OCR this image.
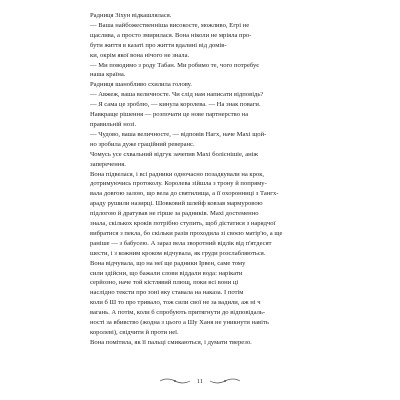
Радниця Зіхун відкашлялася.
— Ваша найбожественніша високосте, можливо, Егрі не
щаслива, а просто змирилася. Вона ніколи не мріяла про-
бути життя в казаті про життя вдалині від домів-
ки, окрім якої вона нічого не знала.
— Ми поводимо з роду Табан. Ми робимо те, чого потребує
наша країна.
Радниця шанобливо схилила голову.
— Авжеж, ваша величносте. Чи слід нам написати відповідь?
— Я сама це зроблю, — кинула королева. — На знак поваги.
Навкраще рішення — розпочати це нове партнерство на
правильній нозі.
— Чудово, ваша величносте, — відповів Нагх, наче Махі щой-
но зробила дуже граційний реверанс.
Чомусь усе схвальний відгук зачепив Махі боліснішіе, аніж
заперечення.
Вона підвелася, і всі радники одночасно позадкували на крок,
дотримуючись протоколу. Королева зійшла з трону й попряму-
вала довгою залою, що вела до святилища, а її охоронниці з Тангх-
араду рушили назирці. Шовковий шлейф ковзав мармуровою
підлогою й дратував не гірше за радників. Махі достеменно
знала, скількох кроків потрібно ступить, щоб дістатися з нарядчої
вибратися з пекла, бо скільки разів проходила зі своєю матір'ю, а ще
раніше — з бабусею. А зараз вела зворотний відлік від п'ятдесят
шести, і з кожним кроком відчувала, як груди розслабляються.
Вона відчувала, що на неї ще радники Ірвен, саме тому
сили здійсни, що бажали слови віддали вода: нарікати
серйозно, наче той кістлявий плющ, поки всі вони ці
наслідно тексти про зоні яку ставала на наказа. І потім
коли б Ш то про тривало, тож сили свої не за вадили, аж ні ч
вагань. А потім, коли б спробують притягнути до відповідаль-
ності за вбивство (жодна з цього а Шу Ханя не уникнути навіть
королеві), свідчити й проти неї.
Вона помітила, як її пальці смикаються, і думати тверезо.
11
